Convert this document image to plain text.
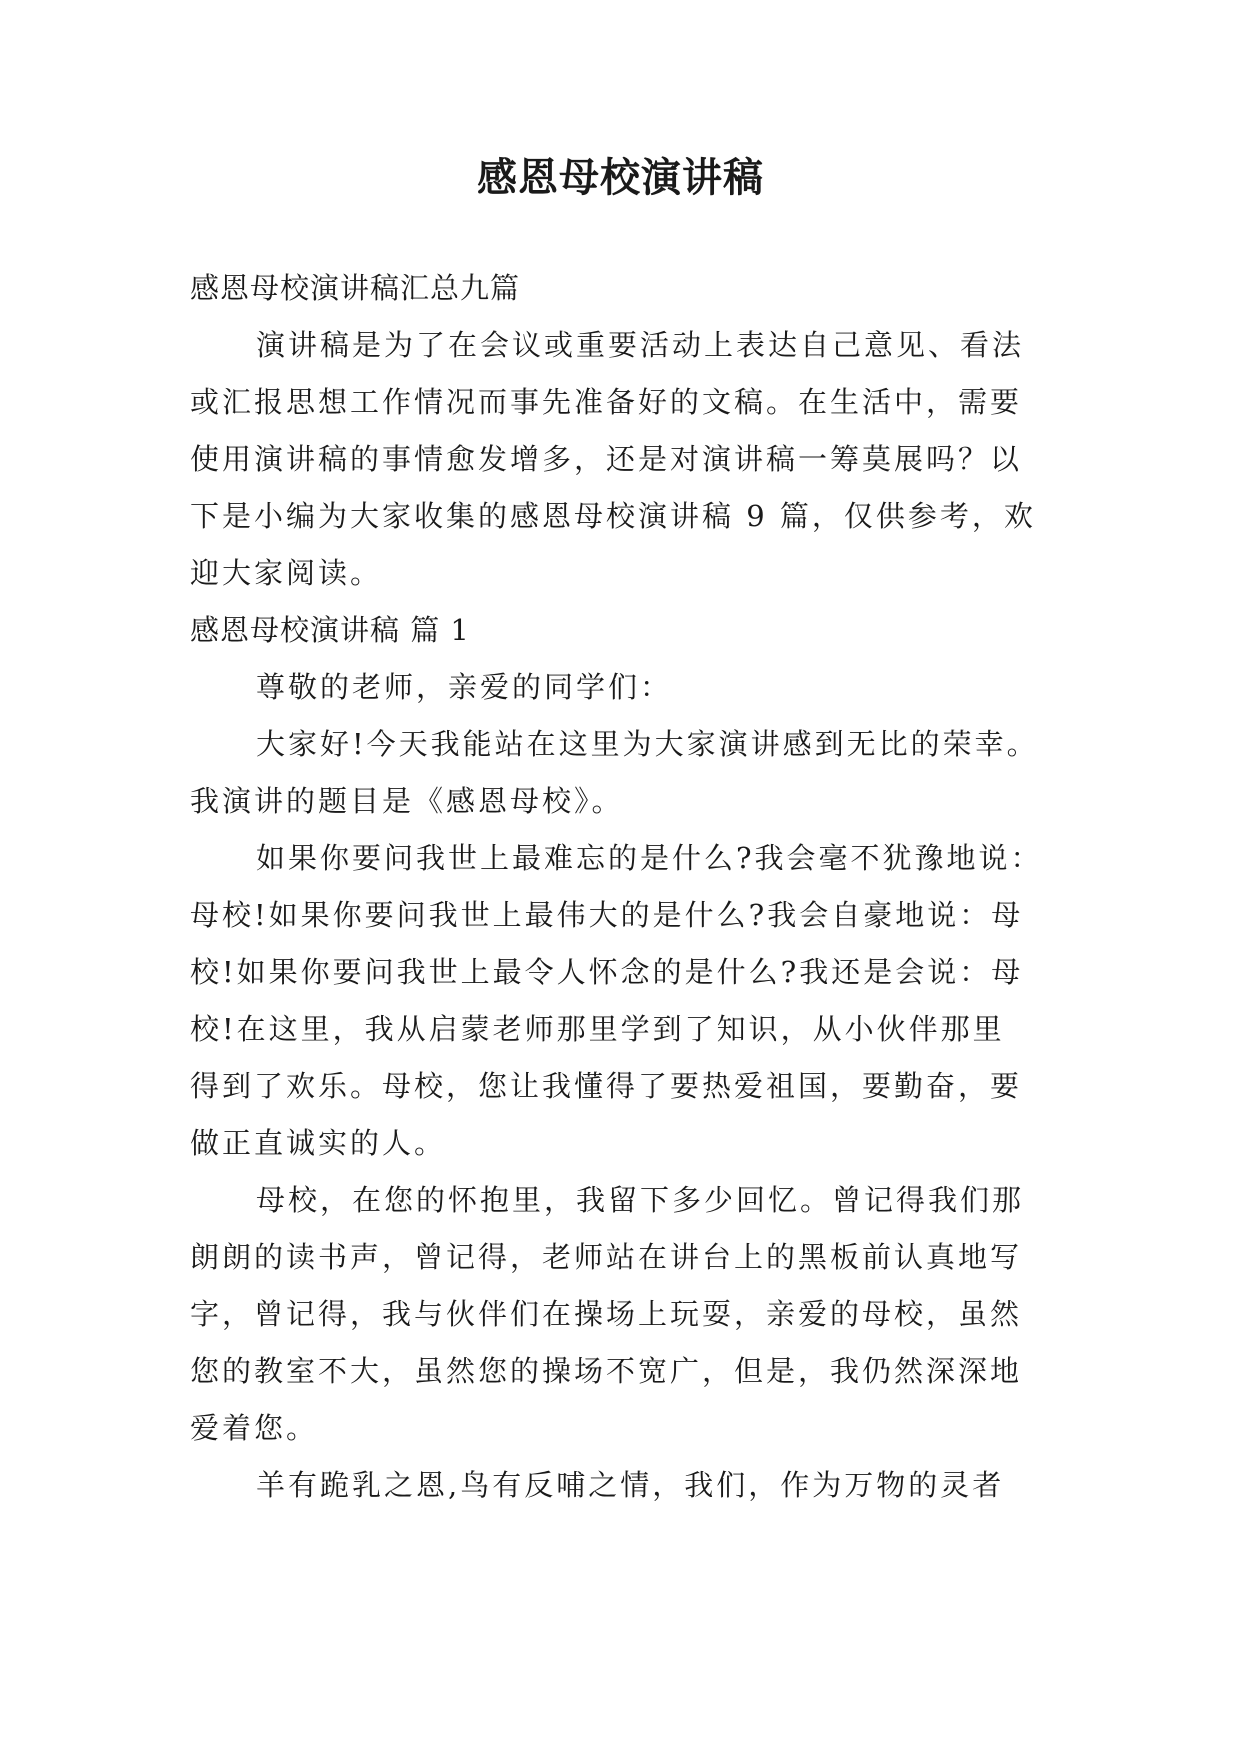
感恩母校演讲稿

感恩母校演讲稿汇总九篇

演讲稿是为了在会议或重要活动上表达自己意见、看法

或汇报思想工作情况而事先准备好的文稿。在生活中，需要

使用演讲稿的事情愈发增多，还是对演讲稿一筹莫展吗？以

下是小编为大家收集的感恩母校演讲稿 9 篇，仅供参考，欢

迎大家阅读。

感恩母校演讲稿 篇 1

尊敬的老师，亲爱的同学们：

大家好!今天我能站在这里为大家演讲感到无比的荣幸。

我演讲的题目是《感恩母校》。

如果你要问我世上最难忘的是什么?我会毫不犹豫地说：

母校!如果你要问我世上最伟大的是什么?我会自豪地说：母

校!如果你要问我世上最令人怀念的是什么?我还是会说：母

校!在这里，我从启蒙老师那里学到了知识，从小伙伴那里

得到了欢乐。母校，您让我懂得了要热爱祖国，要勤奋，要

做正直诚实的人。

母校，在您的怀抱里，我留下多少回忆。曾记得我们那

朗朗的读书声，曾记得，老师站在讲台上的黑板前认真地写

字，曾记得，我与伙伴们在操场上玩耍，亲爱的母校，虽然

您的教室不大，虽然您的操场不宽广，但是，我仍然深深地

爱着您。

羊有跪乳之恩,鸟有反哺之情，我们，作为万物的灵者
